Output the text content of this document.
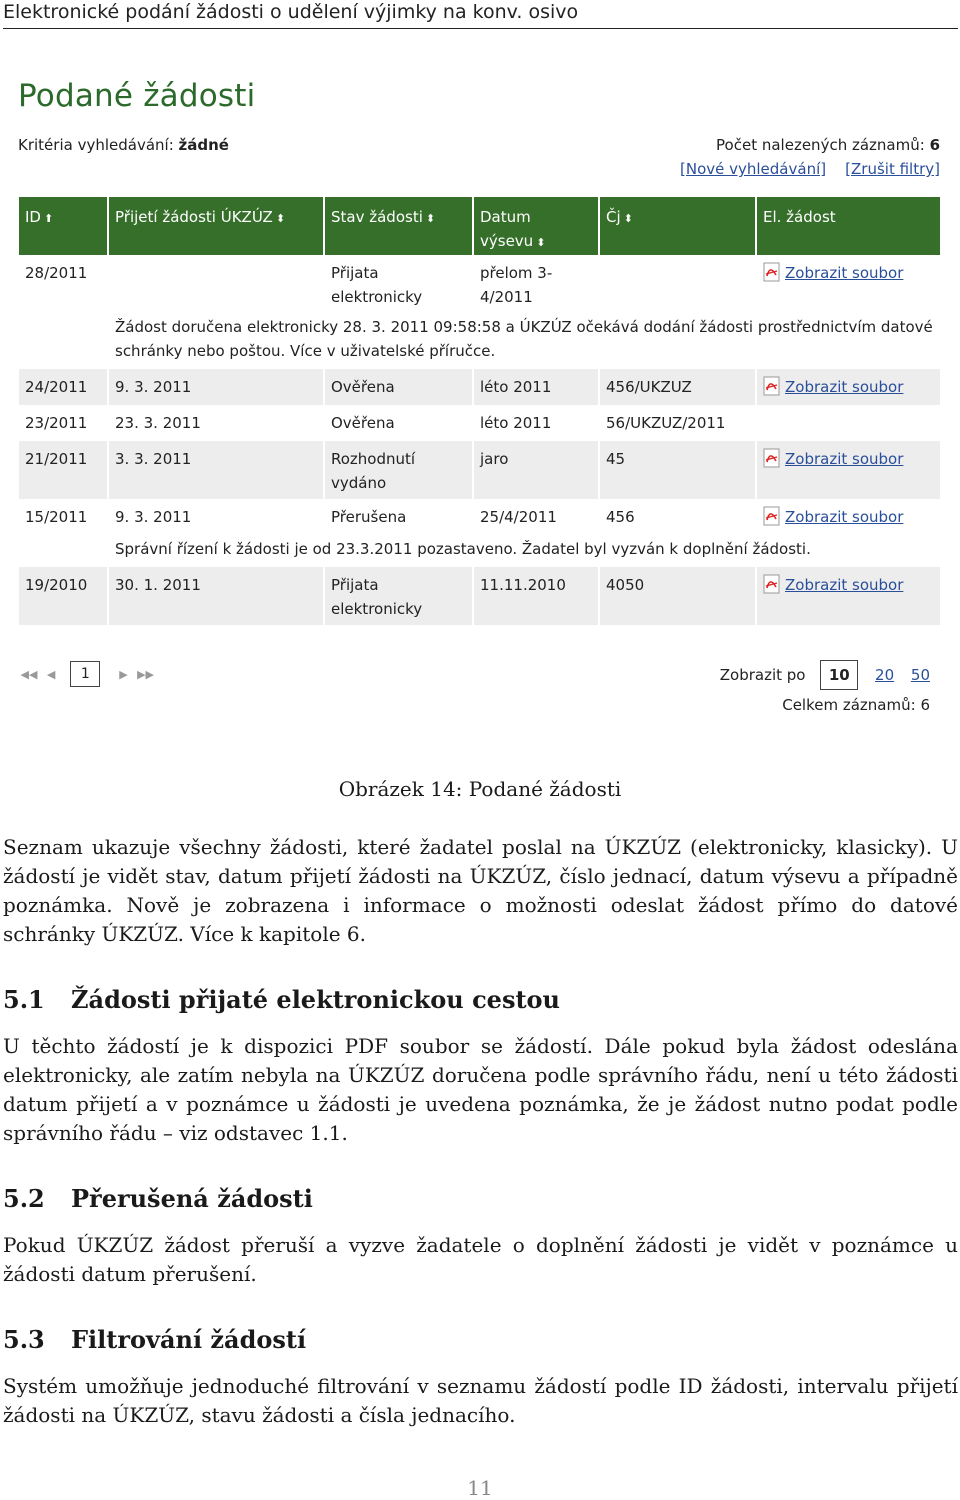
Elektronické podání žádosti o udělení výjimky na konv. osivo
Podané žádosti
Kritéria vyhledávání: žádné	Počet nalezených záznamů: 6
[Nové vyhledávání] [Zrušit filtry]
ID ⬆	Přijetí žádosti ÚKZÚZ ⬍	Stav žádosti ⬍	Datum výsevu ⬍	Čj ⬍	El. žádost
28/2011		Přijata elektronicky	přelom 3-4/2011		Zobrazit soubor
Žádost doručena elektronicky 28. 3. 2011 09:58:58 a ÚKZÚZ očekává dodání žádosti prostřednictvím datové schránky nebo poštou. Více v uživatelské příručce.					
24/2011	9. 3. 2011	Ověřena	léto 2011	456/UKZUZ	Zobrazit soubor
23/2011	23. 3. 2011	Ověřena	léto 2011	56/UKZUZ/2011	
21/2011	3. 3. 2011	Rozhodnutí vydáno	jaro	45	Zobrazit soubor
15/2011	9. 3. 2011	Přerušena	25/4/2011	456	Zobrazit soubor
Správní řízení k žádosti je od 23.3.2011 pozastaveno. Žadatel byl vyzván k doplnění žádosti.					
19/2010	30. 1. 2011	Přijata elektronicky	11.11.2010	4050	Zobrazit soubor
◀◀ ◀ 1	▶ ▶▶	Zobrazit po 10 20 50
Celkem záznamů: 6
Obrázek 14: Podané žádosti
Seznam ukazuje všechny žádosti, které žadatel poslal na ÚKZÚZ (elektronicky, klasicky). U žádostí je vidět stav, datum přijetí žádosti na ÚKZÚZ, číslo jednací, datum výsevu a případně poznámka. Nově je zobrazena i informace o možnosti odeslat žádost přímo do datové schránky ÚKZÚZ. Více k kapitole 6.
5.1 Žádosti přijaté elektronickou cestou
U těchto žádostí je k dispozici PDF soubor se žádostí. Dále pokud byla žádost odeslána elektronicky, ale zatím nebyla na ÚKZÚZ doručena podle správního řádu, není u této žádosti datum přijetí a v poznámce u žádosti je uvedena poznámka, že je žádost nutno podat podle správního řádu – viz odstavec 1.1.
5.2 Přerušená žádosti
Pokud ÚKZÚZ žádost přeruší a vyzve žadatele o doplnění žádosti je vidět v poznámce u žádosti datum přerušení.
5.3 Filtrování žádostí
Systém umožňuje jednoduché filtrování v seznamu žádostí podle ID žádosti, intervalu přijetí žádosti na ÚKZÚZ, stavu žádosti a čísla jednacího.
11
